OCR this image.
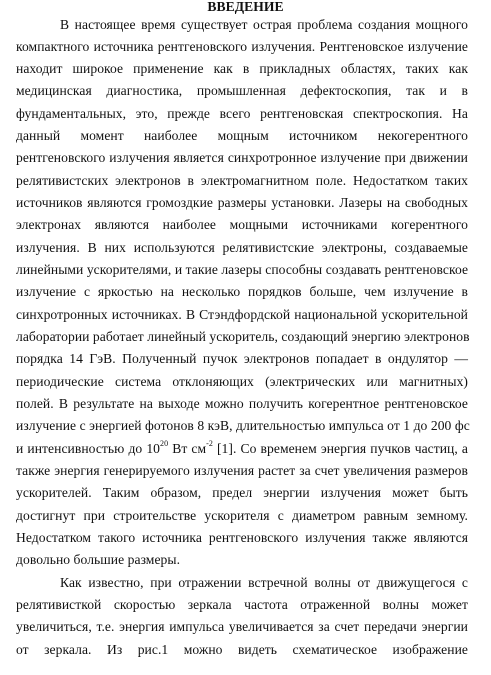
ВВЕДЕНИЕ
В настоящее время существует острая проблема создания мощного
компактного источника рентгеновского излучения. Рентгеновское излучение
находит широкое применение как в прикладных областях, таких как
медицинская диагностика, промышленная дефектоскопия, так и в
фундаментальных, это, прежде всего рентгеновская спектроскопия. На
данный момент наиболее мощным источником некогерентного
рентгеновского излучения является синхротронное излучение при движении
релятивистских электронов в электромагнитном поле. Недостатком таких
источников являются громоздкие размеры установки. Лазеры на свободных
электронах являются наиболее мощными источниками когерентного
излучения. В них используются релятивистские электроны, создаваемые
линейными ускорителями, и такие лазеры способны создавать рентгеновское
излучение с яркостью на несколько порядков больше, чем излучение в
синхротронных источниках. В Стэндфордской национальной ускорительной
лаборатории работает линейный ускоритель, создающий энергию электронов
порядка 14 ГэВ. Полученный пучок электронов попадает в ондулятор —
периодические система отклоняющих (электрических или магнитных)
полей. В результате на выходе можно получить когерентное рентгеновское
излучение с энергией фотонов 8 кэВ, длительностью импульса от 1 до 200 фс
и интенсивностью до $10^{20}$ Вт $см^{-2}$ [1]. Со временем энергия пучков частиц, а
также энергия генерируемого излучения растет за счет увеличения размеров
ускорителей. Таким образом, предел энергии излучения может быть
достигнут при строительстве ускорителя с диаметром равным земному.
Недостатком такого источника рентгеновского излучения также являются
довольно большие размеры.
Как известно, при отражении встречной волны от движущегося с
релятивисткой скоростью зеркала частота отраженной волны может
увеличиться, т.е. энергия импульса увеличивается за счет передачи энергии
от зеркала. Из рис.1 можно видеть схематическое изображение
